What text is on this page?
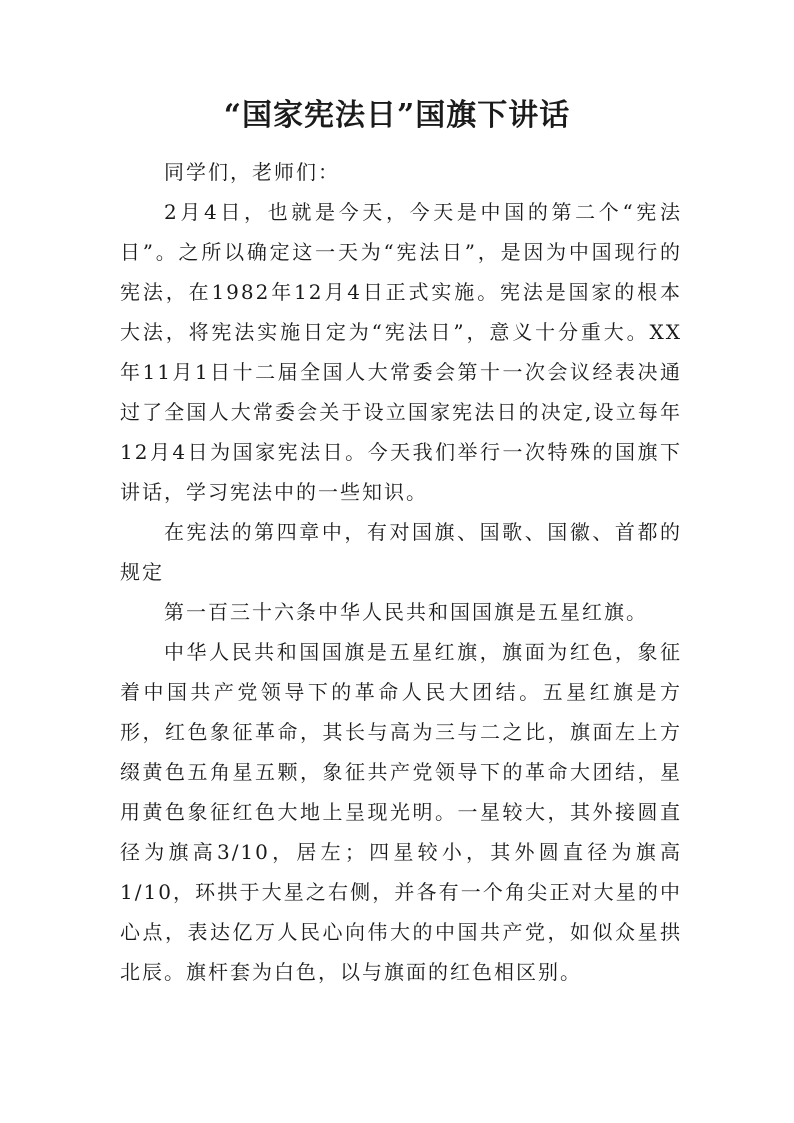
“国家宪法日”国旗下讲话

同学们，老师们：

2月4日，也就是今天，今天是中国的第二个“宪法日”。之所以确定这一天为“宪法日”，是因为中国现行的宪法，在1982年12月4日正式实施。宪法是国家的根本大法，将宪法实施日定为“宪法日”，意义十分重大。XX年11月1日十二届全国人大常委会第十一次会议经表决通过了全国人大常委会关于设立国家宪法日的决定,设立每年12月4日为国家宪法日。今天我们举行一次特殊的国旗下讲话，学习宪法中的一些知识。

在宪法的第四章中，有对国旗、国歌、国徽、首都的规定

第一百三十六条中华人民共和国国旗是五星红旗。

中华人民共和国国旗是五星红旗，旗面为红色，象征着中国共产党领导下的革命人民大团结。五星红旗是方形，红色象征革命，其长与高为三与二之比，旗面左上方缀黄色五角星五颗，象征共产党领导下的革命大团结，星用黄色象征红色大地上呈现光明。一星较大，其外接圆直径为旗高3/10，居左；四星较小，其外圆直径为旗高1/10，环拱于大星之右侧，并各有一个角尖正对大星的中心点，表达亿万人民心向伟大的中国共产党，如似众星拱北辰。旗杆套为白色，以与旗面的红色相区别。
